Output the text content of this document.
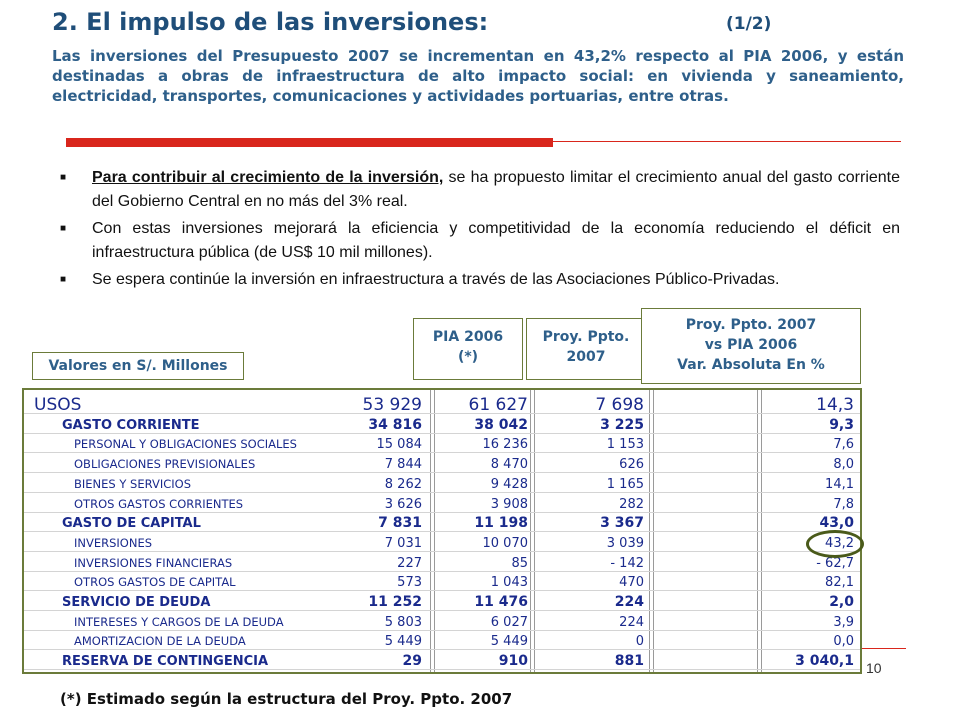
2. El impulso de las inversiones:	(1/2)
Las inversiones del Presupuesto 2007 se incrementan en 43,2% respecto al PIA 2006, y están destinadas a obras de infraestructura de alto impacto social: en vivienda y saneamiento, electricidad, transportes, comunicaciones y actividades portuarias, entre otras.
■ Para contribuir al crecimiento de la inversión, se ha propuesto limitar el crecimiento anual del gasto corriente del Gobierno Central en no más del 3% real.
■ Con estas inversiones mejorará la eficiencia y competitividad de la economía reduciendo el déficit en infraestructura pública (de US$ 10 mil millones).
■ Se espera continúe la inversión en infraestructura a través de las Asociaciones Público-Privadas.
Valores en S/. Millones
PIA 2006
(*)
Proy. Ppto.
2007
Proy. Ppto. 2007
vs PIA 2006
Var. Absoluta En %
USOS	53 929	61 627	7 698	14,3
GASTO CORRIENTE	34 816	38 042	3 225	9,3
PERSONAL Y OBLIGACIONES SOCIALES	15 084	16 236	1 153	7,6
OBLIGACIONES PREVISIONALES	7 844	8 470	626	8,0
BIENES Y SERVICIOS	8 262	9 428	1 165	14,1
OTROS GASTOS CORRIENTES	3 626	3 908	282	7,8
GASTO DE CAPITAL	7 831	11 198	3 367	43,0
INVERSIONES	7 031	10 070	3 039	43,2
INVERSIONES FINANCIERAS	227	85	- 142	- 62,7
OTROS GASTOS DE CAPITAL	573	1 043	470	82,1
SERVICIO DE DEUDA	11 252	11 476	224	2,0
INTERESES Y CARGOS DE LA DEUDA	5 803	6 027	224	3,9
AMORTIZACION DE LA DEUDA	5 449	5 449	0	0,0
RESERVA DE CONTINGENCIA	29	910	881	3 040,1 10
(*) Estimado según la estructura del Proy. Ppto. 2007
